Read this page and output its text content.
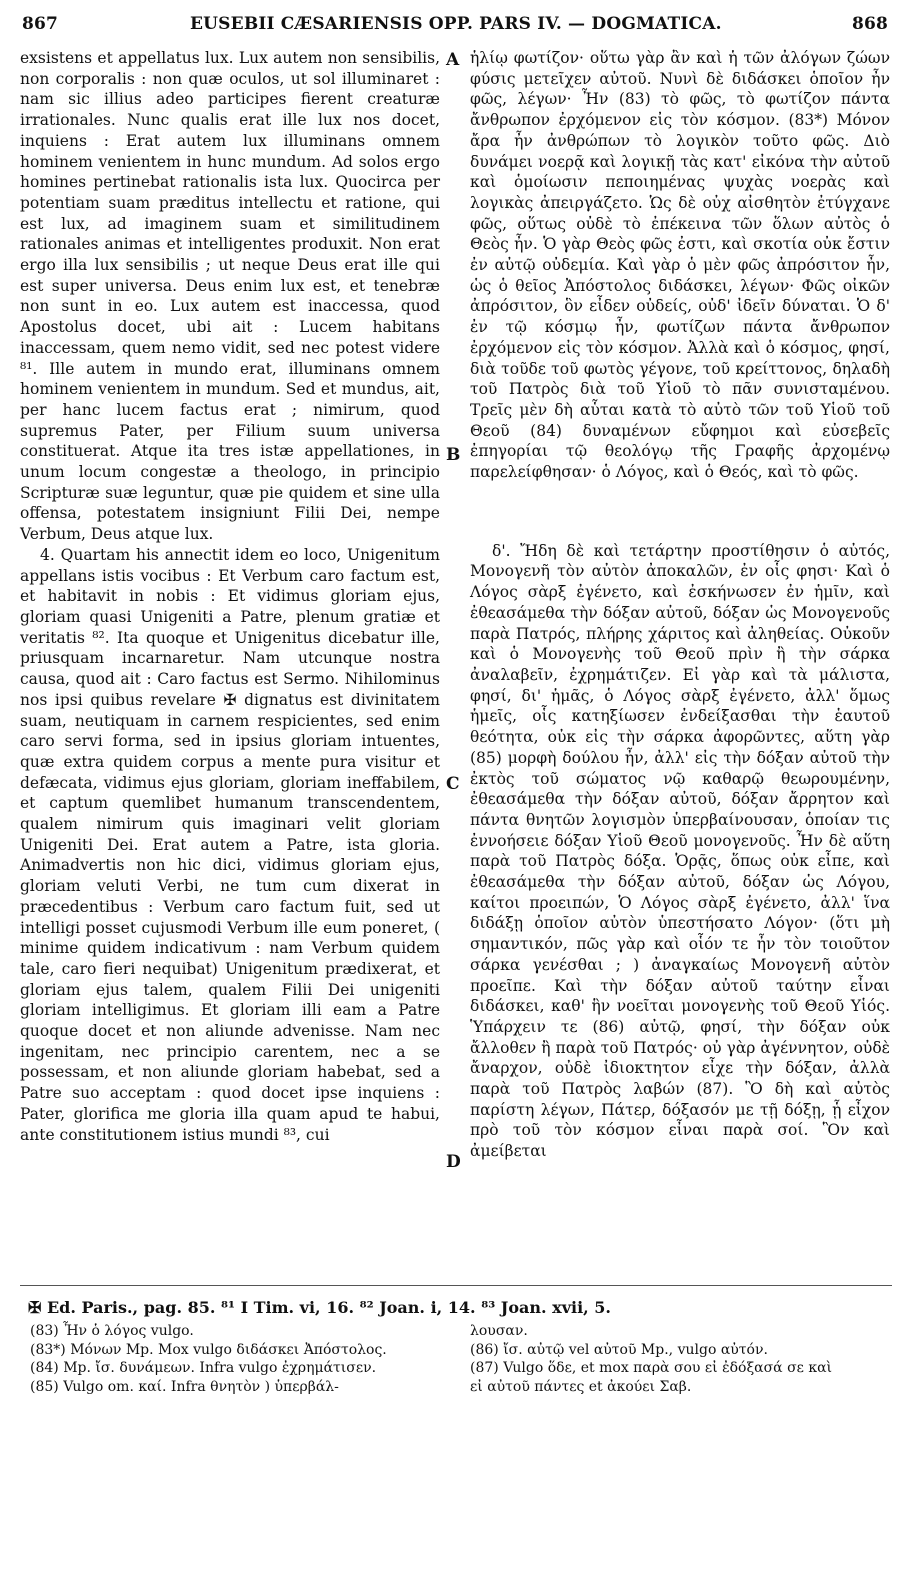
867	EUSEBII CÆSARIENSIS OPP. PARS IV. — DOGMATICA.	868
A
B
C
D

exsistens et appellatus lux. Lux autem non sensibilis, non corporalis : non quæ oculos, ut sol illuminaret : nam sic illius adeo participes fierent creaturæ irrationales. Nunc qualis erat ille lux nos docet, inquiens : Erat autem lux illuminans omnem hominem venientem in hunc mundum. Ad solos ergo homines pertinebat rationalis ista lux. Quocirca per potentiam suam præditus intellectu et ratione, qui est lux, ad imaginem suam et similitudinem rationales animas et intelligentes produxit. Non erat ergo illa lux sensibilis ; ut neque Deus erat ille qui est super universa. Deus enim lux est, et tenebræ non sunt in eo. Lux autem est inaccessa, quod Apostolus docet, ubi ait : Lucem habitans inaccessam, quem nemo vidit, sed nec potest videre ⁸¹. Ille autem in mundo erat, illuminans omnem hominem venientem in mundum. Sed et mundus, ait, per hanc lucem factus erat ; nimirum, quod supremus Pater, per Filium suum universa constituerat. Atque ita tres istæ appellationes, in unum locum congestæ a theologo, in principio Scripturæ suæ leguntur, quæ pie quidem et sine ulla offensa, potestatem insigniunt Filii Dei, nempe Verbum, Deus atque lux.

4. Quartam his annectit idem eo loco, Unigenitum appellans istis vocibus : Et Verbum caro factum est, et habitavit in nobis : Et vidimus gloriam ejus, gloriam quasi Unigeniti a Patre, plenum gratiæ et veritatis ⁸². Ita quoque et Unigenitus dicebatur ille, priusquam incarnaretur. Nam utcunque nostra causa, quod ait : Caro factus est Sermo. Nihilominus nos ipsi quibus revelare ✠ dignatus est divinitatem suam, neutiquam in carnem respicientes, sed enim caro servi forma, sed in ipsius gloriam intuentes, quæ extra quidem corpus a mente pura visitur et defæcata, vidimus ejus gloriam, gloriam ineffabilem, et captum quemlibet humanum transcendentem, qualem nimirum quis imaginari velit gloriam Unigeniti Dei. Erat autem a Patre, ista gloria. Animadvertis non hic dici, vidimus gloriam ejus, gloriam veluti Verbi, ne tum cum dixerat in præcedentibus : Verbum caro factum fuit, sed ut intelligi posset cujusmodi Verbum ille eum poneret, ( minime quidem indicativum : nam Verbum quidem tale, caro fieri nequibat) Unigenitum prædixerat, et gloriam ejus talem, qualem Filii Dei unigeniti gloriam intelligimus. Et gloriam illi eam a Patre quoque docet et non aliunde advenisse. Nam nec ingenitam, nec principio carentem, nec a se possessam, et non aliunde gloriam habebat, sed a Patre suo acceptam : quod docet ipse inquiens : Pater, glorifica me gloria illa quam apud te habui, ante constitutionem istius mundi ⁸³, cui

ἡλίῳ φωτίζον· οὕτω γὰρ ἂν καὶ ἡ τῶν ἀλόγων ζώων φύσις μετεῖχεν αὐτοῦ. Νυνὶ δὲ διδάσκει ὁποῖον ἦν φῶς, λέγων· Ἦν (83) τὸ φῶς, τὸ φωτίζον πάντα ἄνθρωπον ἐρχόμενον εἰς τὸν κόσμον. (83*) Μόνον ἄρα ἦν ἀνθρώπων τὸ λογικὸν τοῦτο φῶς. Διὸ δυνάμει νοερᾷ καὶ λογικῇ τὰς κατ' εἰκόνα τὴν αὐτοῦ καὶ ὁμοίωσιν πεποιημένας ψυχὰς νοερὰς καὶ λογικὰς ἀπειργάζετο. Ὡς δὲ οὐχ αἰσθητὸν ἐτύγχανε φῶς, οὕτως οὐδὲ τὸ ἐπέκεινα τῶν ὅλων αὐτὸς ὁ Θεὸς ἦν. Ὁ γὰρ Θεὸς φῶς ἐστι, καὶ σκοτία οὐκ ἔστιν ἐν αὐτῷ οὐδεμία. Καὶ γὰρ ὁ μὲν φῶς ἀπρόσιτον ἦν, ὡς ὁ θεῖος Ἀπόστολος διδάσκει, λέγων· Φῶς οἰκῶν ἀπρόσιτον, ὃν εἶδεν οὐδείς, οὐδ' ἰδεῖν δύναται. Ὁ δ' ἐν τῷ κόσμῳ ἦν, φωτίζων πάντα ἄνθρωπον ἐρχόμενον εἰς τὸν κόσμον. Ἀλλὰ καὶ ὁ κόσμος, φησί, διὰ τοῦδε τοῦ φωτὸς γέγονε, τοῦ κρείττονος, δηλαδὴ τοῦ Πατρὸς διὰ τοῦ Υἱοῦ τὸ πᾶν συνισταμένου. Τρεῖς μὲν δὴ αὗται κατὰ τὸ αὐτὸ τῶν τοῦ Υἱοῦ τοῦ Θεοῦ (84) δυναμένων εὔφημοι καὶ εὐσεβεῖς ἐπηγορίαι τῷ θεολόγῳ τῆς Γραφῆς ἀρχομένῳ παρελείφθησαν· ὁ Λόγος, καὶ ὁ Θεός, καὶ τὸ φῶς.

δ'. Ἤδη δὲ καὶ τετάρτην προστίθησιν ὁ αὐτός, Μονογενῆ τὸν αὐτὸν ἀποκαλῶν, ἐν οἷς φησι· Καὶ ὁ Λόγος σὰρξ ἐγένετο, καὶ ἐσκήνωσεν ἐν ἡμῖν, καὶ ἐθεασάμεθα τὴν δόξαν αὐτοῦ, δόξαν ὡς Μονογενοῦς παρὰ Πατρός, πλήρης χάριτος καὶ ἀληθείας. Οὐκοῦν καὶ ὁ Μονογενὴς τοῦ Θεοῦ πρὶν ἢ τὴν σάρκα ἀναλαβεῖν, ἐχρημάτιζεν. Εἰ γὰρ καὶ τὰ μάλιστα, φησί, δι' ἡμᾶς, ὁ Λόγος σὰρξ ἐγένετο, ἀλλ' ὅμως ἡμεῖς, οἷς κατηξίωσεν ἐνδείξασθαι τὴν ἑαυτοῦ θεότητα, οὐκ εἰς τὴν σάρκα ἀφορῶντες, αὕτη γὰρ (85) μορφὴ δούλου ἦν, ἀλλ' εἰς τὴν δόξαν αὐτοῦ τὴν ἐκτὸς τοῦ σώματος νῷ καθαρῷ θεωρουμένην, ἐθεασάμεθα τὴν δόξαν αὐτοῦ, δόξαν ἄρρητον καὶ πάντα θνητῶν λογισμὸν ὑπερβαίνουσαν, ὁποίαν τις ἐννοήσειε δόξαν Υἱοῦ Θεοῦ μονογενοῦς. Ἦν δὲ αὕτη παρὰ τοῦ Πατρὸς δόξα. Ὁρᾷς, ὅπως οὐκ εἶπε, καὶ ἐθεασάμεθα τὴν δόξαν αὐτοῦ, δόξαν ὡς Λόγου, καίτοι προειπών, Ὁ Λόγος σὰρξ ἐγένετο, ἀλλ' ἵνα διδάξῃ ὁποῖον αὐτὸν ὑπεστήσατο Λόγον· (ὅτι μὴ σημαντικόν, πῶς γὰρ καὶ οἷόν τε ἦν τὸν τοιοῦτον σάρκα γενέσθαι ; ) ἀναγκαίως Μονογενῆ αὐτὸν προεῖπε. Καὶ τὴν δόξαν αὐτοῦ ταύτην εἶναι διδάσκει, καθ' ἣν νοεῖται μονογενὴς τοῦ Θεοῦ Υἱός. Ὑπάρχειν τε (86) αὐτῷ, φησί, τὴν δόξαν οὐκ ἄλλοθεν ἢ παρὰ τοῦ Πατρός· οὐ γὰρ ἀγέννητον, οὐδὲ ἄναρχον, οὐδὲ ἰδιοκτητον εἶχε τὴν δόξαν, ἀλλὰ παρὰ τοῦ Πατρὸς λαβών (87). Ὃ δὴ καὶ αὐτὸς παρίστη λέγων, Πάτερ, δόξασόν με τῇ δόξῃ, ᾗ εἶχον πρὸ τοῦ τὸν κόσμον εἶναι παρὰ σοί. Ὃν καὶ ἀμείβεται

✠ Ed. Paris., pag. 85. ⁸¹ I Tim. vi, 16. ⁸² Joan. i, 14. ⁸³ Joan. xvii, 5.
(83) Ἦν ὁ λόγος vulgo.
(83*) Μόνων Mp. Mox vulgo διδάσκει Ἀπόστολος.
(84) Mp. ἴσ. δυνάμεων. Infra vulgo ἐχρημάτισεν.
(85) Vulgo om. καί. Infra θνητὸν ) ὑπερβάλ-
λουσαν.
(86) ἴσ. αὐτῷ vel αὐτοῦ Mp., vulgo αὐτόν.
(87) Vulgo ὅδε, et mox παρὰ σου εἰ ἐδόξασά σε καὶ
εἰ αὐτοῦ πάντες et ἀκούει Σαβ.
